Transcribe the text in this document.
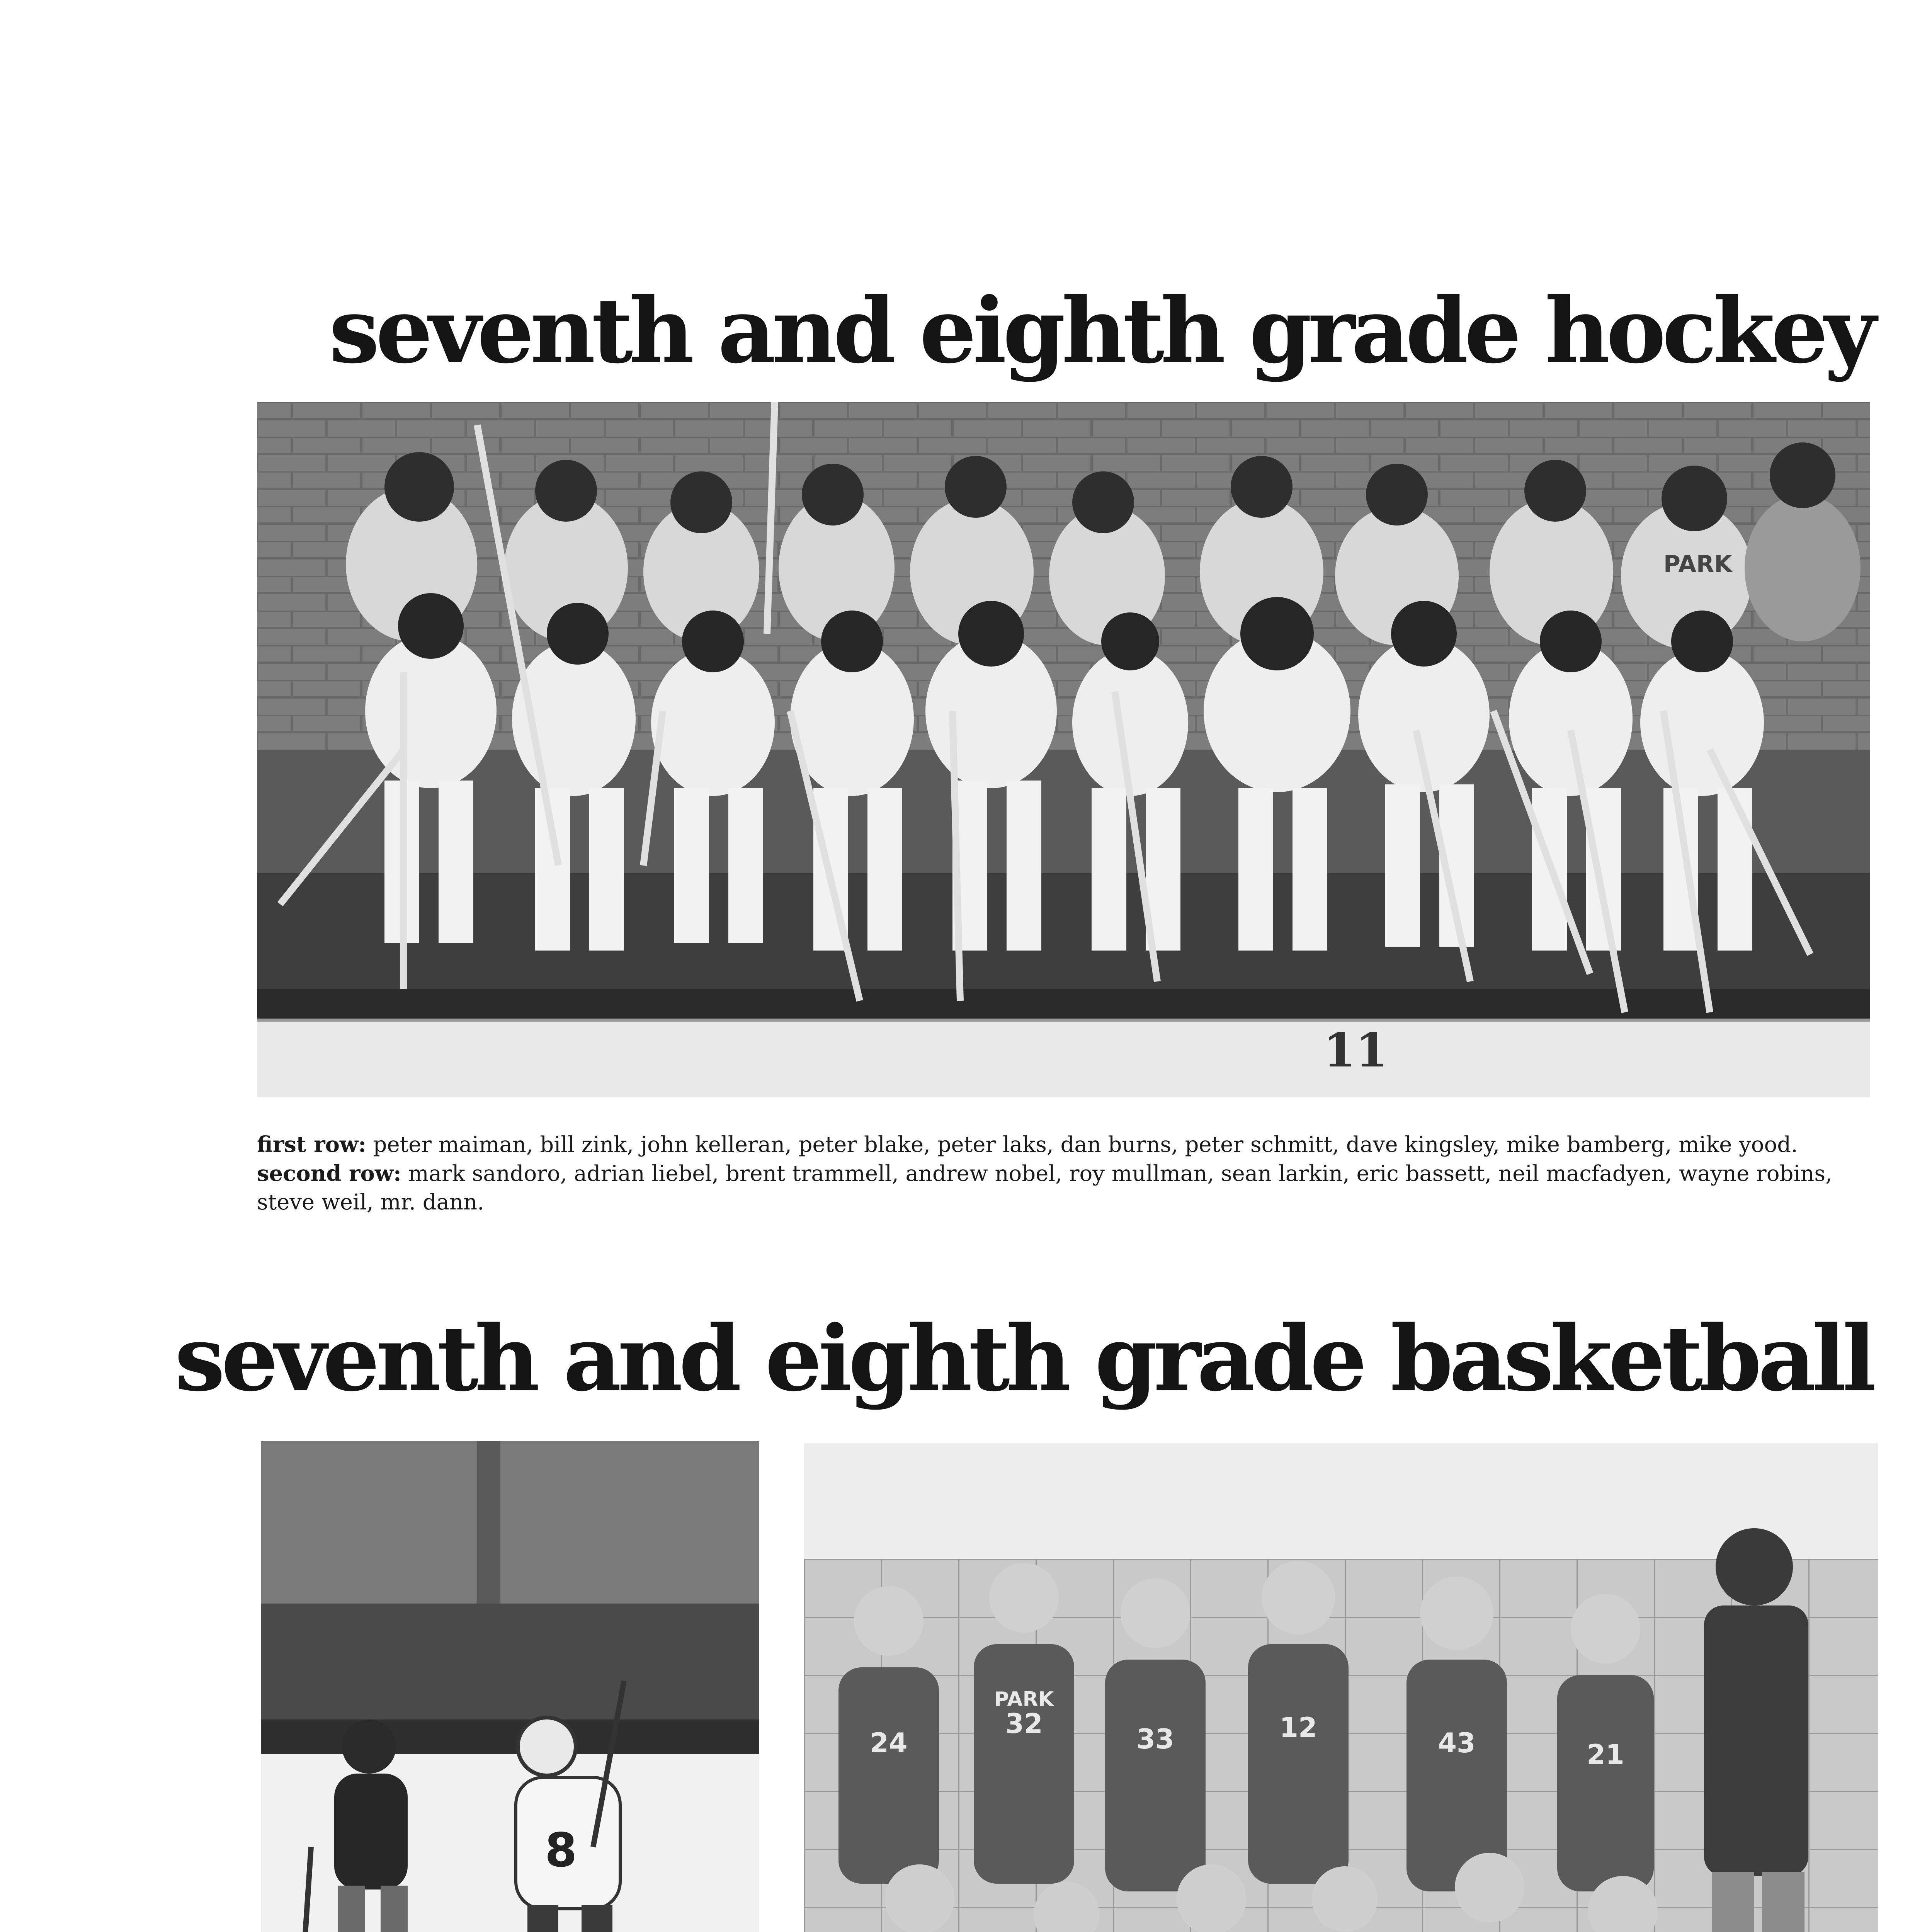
seventh and eighth grade hockey
seventh and eighth grade basketball
11
PARK
first row: peter maiman, bill zink, john kelleran, peter blake, peter laks, dan burns, peter schmitt, dave kingsley, mike bamberg, mike yood. second row: mark sandoro, adrian liebel, brent trammell, andrew nobel, roy mullman, sean larkin, eric bassett, neil macfadyen, wayne robins, steve weil, mr. dann.
8
24
32	33	12	43	21
PARK
